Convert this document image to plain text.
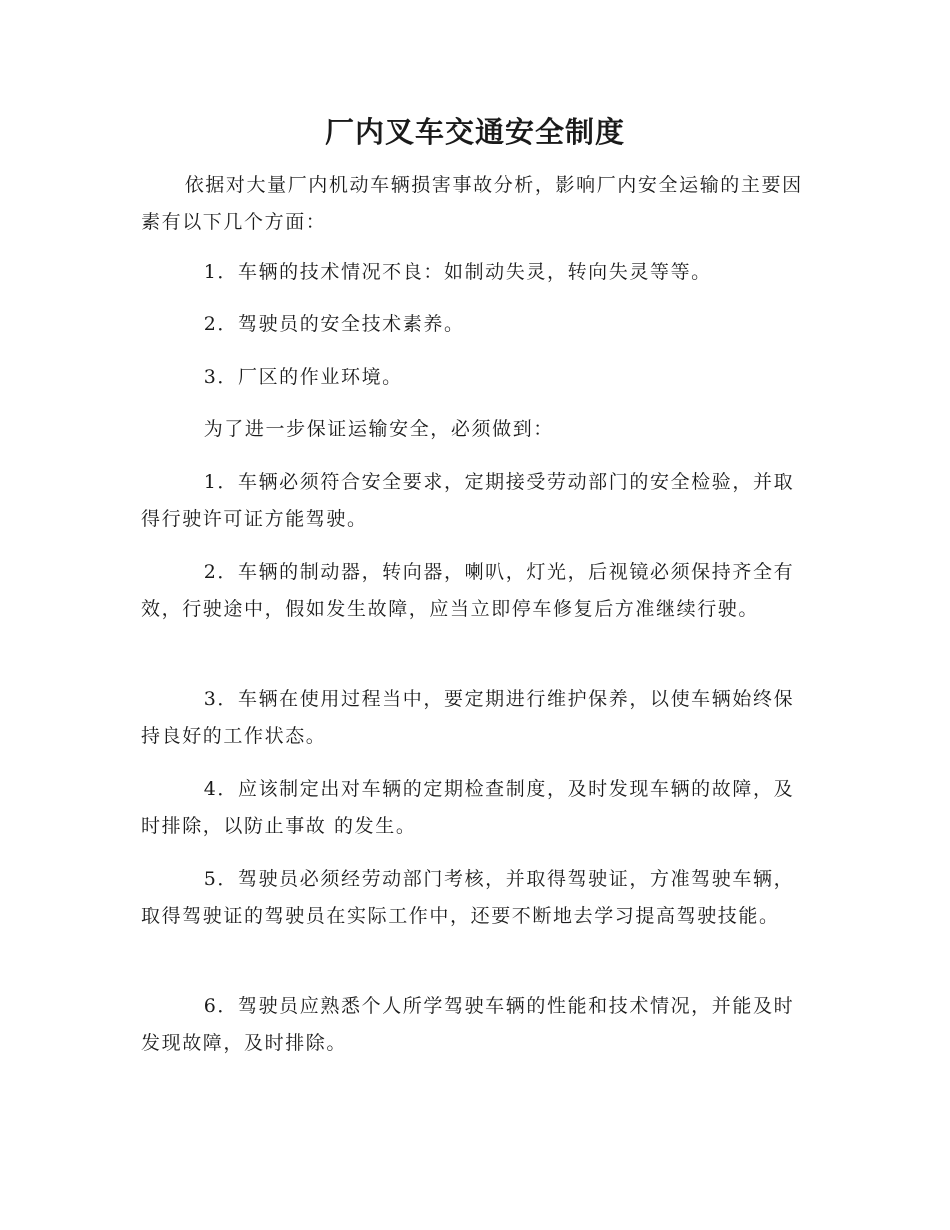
厂内叉车交通安全制度

依据对大量厂内机动车辆损害事故分析，影响厂内安全运输的主要因素有以下几个方面：

1．车辆的技术情况不良：如制动失灵，转向失灵等等。

2．驾驶员的安全技术素养。

3．厂区的作业环境。

为了进一步保证运输安全，必须做到：

1．车辆必须符合安全要求，定期接受劳动部门的安全检验，并取得行驶许可证方能驾驶。

2．车辆的制动器，转向器，喇叭，灯光，后视镜必须保持齐全有效，行驶途中，假如发生故障，应当立即停车修复后方准继续行驶。

3．车辆在使用过程当中，要定期进行维护保养，以使车辆始终保持良好的工作状态。

4．应该制定出对车辆的定期检查制度，及时发现车辆的故障，及时排除，以防止事故 的发生。

5．驾驶员必须经劳动部门考核，并取得驾驶证，方准驾驶车辆，取得驾驶证的驾驶员在实际工作中，还要不断地去学习提高驾驶技能。

6．驾驶员应熟悉个人所学驾驶车辆的性能和技术情况，并能及时发现故障，及时排除。
